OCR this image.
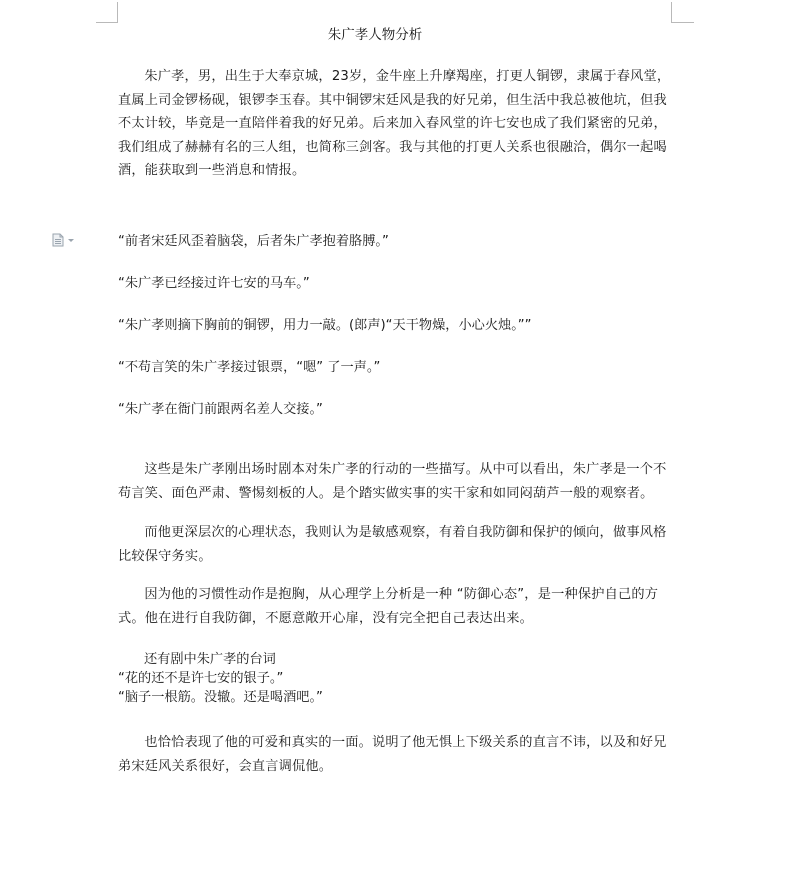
朱广孝人物分析

朱广孝，男，出生于大奉京城，23岁，金牛座上升摩羯座，打更人铜锣，隶属于春风堂，直属上司金锣杨砚，银锣李玉春。其中铜锣宋廷风是我的好兄弟，但生活中我总被他坑，但我不太计较，毕竟是一直陪伴着我的好兄弟。后来加入春风堂的许七安也成了我们紧密的兄弟，我们组成了赫赫有名的三人组，也简称三剑客。我与其他的打更人关系也很融洽，偶尔一起喝酒，能获取到一些消息和情报。

“前者宋廷风歪着脑袋，后者朱广孝抱着胳膊。”

“朱广孝已经接过许七安的马车。”

“朱广孝则摘下胸前的铜锣，用力一敲。(郎声)“天干物燥，小心火烛。””

“不苟言笑的朱广孝接过银票，“嗯” 了一声。”

“朱广孝在衙门前跟两名差人交接。”

这些是朱广孝刚出场时剧本对朱广孝的行动的一些描写。从中可以看出，朱广孝是一个不苟言笑、面色严肃、警惕刻板的人。是个踏实做实事的实干家和如同闷葫芦一般的观察者。

而他更深层次的心理状态，我则认为是敏感观察，有着自我防御和保护的倾向，做事风格比较保守务实。

因为他的习惯性动作是抱胸，从心理学上分析是一种 “防御心态”，是一种保护自己的方式。他在进行自我防御，不愿意敞开心扉，没有完全把自己表达出来。

还有剧中朱广孝的台词

“花的还不是许七安的银子。”

“脑子一根筋。没辙。还是喝酒吧。”

也恰恰表现了他的可爱和真实的一面。说明了他无惧上下级关系的直言不讳，以及和好兄弟宋廷风关系很好，会直言调侃他。
